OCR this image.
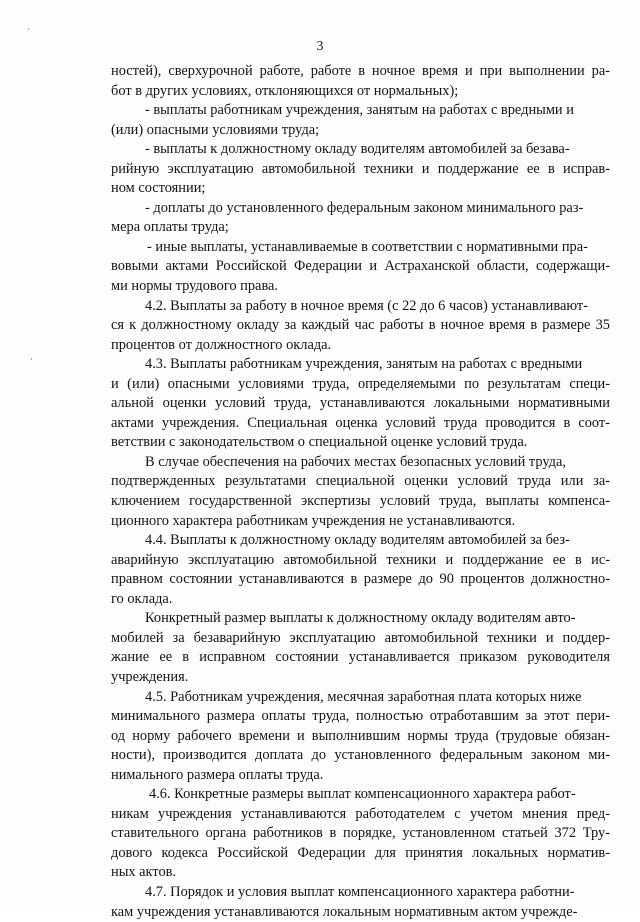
·
·
3
ностей), сверхурочной работе, работе в ночное время и при выполнении ра-
бот в других условиях, отклоняющихся от нормальных);
- выплаты работникам учреждения, занятым на работах с вредными и
(или) опасными условиями труда;
- выплаты к должностному окладу водителям автомобилей за безава-
рийную эксплуатацию автомобильной техники и поддержание ее в исправ-
ном состоянии;
- доплаты до установленного федеральным законом минимального раз-
мера оплаты труда;
- иные выплаты, устанавливаемые в соответствии с нормативными пра-
вовыми актами Российской Федерации и Астраханской области, содержащи-
ми нормы трудового права.
4.2. Выплаты за работу в ночное время (с 22 до 6 часов) устанавливают-
ся к должностному окладу за каждый час работы в ночное время в размере 35
процентов от должностного оклада.
4.3. Выплаты работникам учреждения, занятым на работах с вредными
и (или) опасными условиями труда, определяемыми по результатам специ-
альной оценки условий труда, устанавливаются локальными нормативными
актами учреждения. Специальная оценка условий труда проводится в соот-
ветствии с законодательством о специальной оценке условий труда.
В случае обеспечения на рабочих местах безопасных условий труда,
подтвержденных результатами специальной оценки условий труда или за-
ключением государственной экспертизы условий труда, выплаты компенса-
ционного характера работникам учреждения не устанавливаются.
4.4. Выплаты к должностному окладу водителям автомобилей за без-
аварийную эксплуатацию автомобильной техники и поддержание ее в ис-
правном состоянии устанавливаются в размере до 90 процентов должностно-
го оклада.
Конкретный размер выплаты к должностному окладу водителям авто-
мобилей за безаварийную эксплуатацию автомобильной техники и поддер-
жание ее в исправном состоянии устанавливается приказом руководителя
учреждения.
4.5. Работникам учреждения, месячная заработная плата которых ниже
минимального размера оплаты труда, полностью отработавшим за этот пери-
од норму рабочего времени и выполнившим нормы труда (трудовые обязан-
ности), производится доплата до установленного федеральным законом ми-
нимального размера оплаты труда.
4.6. Конкретные размеры выплат компенсационного характера работ-
никам учреждения устанавливаются работодателем с учетом мнения пред-
ставительного органа работников в порядке, установленном статьей 372 Тру-
дового кодекса Российской Федерации для принятия локальных норматив-
ных актов.
4.7. Порядок и условия выплат компенсационного характера работни-
кам учреждения устанавливаются локальным нормативным актом учрежде-
